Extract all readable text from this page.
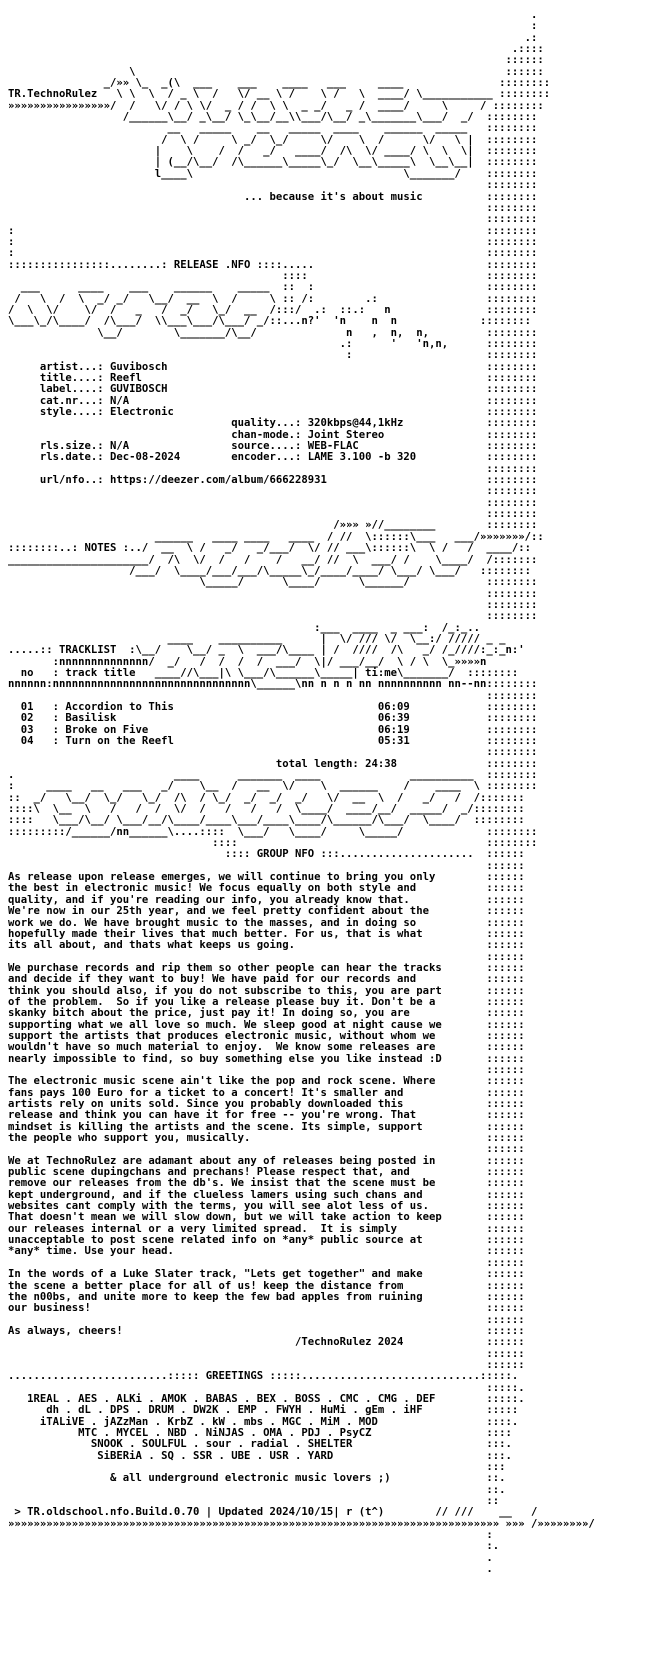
.
:
.:
.::::
::::::
\                                                          ::::::
_/»» \_  _(\  ___    ___    ____   ___     ____               ::::::::
TR.TechnoRulez   \ \  \  / _ \  /   \/ __ \ /    \ /   \  ____/ \___________ ::::::::
»»»»»»»»»»»»»»»»/  /   \/ / \ \/  _ / /  \ \  _ _/   _ /  ____/     \     / ::::::::
/______\__/ _\__/ \_\__/__\\___/\__/ _\_______\___/  _/  ::::::::
__   _____    __   _____  ____    ______  _____   ::::::::
/  \ /     \ _/  \_/     \/    \  /      \/   \ |  ::::::::
|    \    /  /   _/   ____/  /\  \/ ____/ \  \  \|  ::::::::
| (__/\__/  /\______\_____\_/  \__\_____\  \__\__|  ::::::::
l____\                                 \_______/    ::::::::
::::::::
... because it's about music          ::::::::
::::::::
::::::::
:                                                                          ::::::::
:                                                                          ::::::::
:                                                                          ::::::::
::::::::::::::::........: RELEASE .NFO ::::.....                           ::::::::
::::                            ::::::::
___      ____    ___    ______    _____  ::  :                           ::::::::
/   \  /  \  _/ _/   \__/  __  \  /     \ :: /:        .:                 ::::::::
/  \  \/    \/  /   _   /  _/   \_/  __  /:::/  .:  ::.:   n               ::::::::
\___\_/\____/  /\___/  \\___\___/\___/ _/::...n?'  'n    n  n             ::::::::
\__/        \_______/\__/              n   ,  n,  n,         ::::::::
.:      '   'n,n,      ::::::::
:                     ::::::::
artist...: Guvibosch                                                  ::::::::
title....: Reefl                                                      ::::::::
label....: GUVIBOSCH                                                  ::::::::
cat.nr...: N/A                                                        ::::::::
style....: Electronic                                                 ::::::::
quality...: 320kbps@44,1kHz             ::::::::
chan-mode.: Joint Stereo                ::::::::
rls.size.: N/A                source....: WEB-FLAC                    ::::::::
rls.date.: Dec-08-2024        encoder...: LAME 3.100 -b 320           ::::::::
::::::::
url/nfo..: https://deezer.com/album/666228931                         ::::::::
::::::::
::::::::
::::::::
/»»» »//________        ::::::::
______   ____ ____   ____  / //  \::::::\___   ___/»»»»»»»/::
::::::::..: NOTES :../  __  \ /   _/   _/___/  \/ // ___\::::::\  \ /   /  ____/::
______________________/  /\  \/  /   /    /   __/ //  \  ___/ /    \____/  /:::::::
/___/  \____/___/___/\_____\_/____/____/ \___/ \___/   ::::::::
\_____/      \____/      \______/            ::::::::
::::::::
::::::::
::::::::
:___  ____  _ ___:  /_:_..
____    __________      |  \/ /// \/  \__:/ ///// _ _
.....:: TRACKLIST  :\__/    \__/ _  \  ___/\____ | /  ////  /\   _/ /_////:_:_n:'
:nnnnnnnnnnnnnn/  _/   /  /  /  /  ___/  \|/ ___/__/  \ / \  \_»»»»n
no   : track title   ____//\___|\ \___/\______\_____| ti:me\_______/  ::::::::
nnnnnn:nnnnnnnnnnnnnnnnnnnnnnnnnnnnnnn\______\nn n n n nn nnnnnnnnnn nn--nn::::::::
::::::::
01   : Accordion to This                                06:09            ::::::::
02   : Basilisk                                         06:39            ::::::::
03   : Broke on Five                                    06:19            ::::::::
04   : Turn on the Reefl                                05:31            ::::::::
::::::::
total length: 24:38              ::::::::
.                         ____      _______  ____              __________  ::::::::
:     ____   __   ___   _/    \__  /   __  \/    \  ______    /    ____  \ ::::::::
::  _/   \__/  \_/   \_/  /\  / \_/  _/  _/  _/   \/  __  \  /   _/   /  /:::::::
::::\  \__  \   /   /  /  \/  /   /   /   /  \____/  ____/__/  _____/  _/::::::::
::::   \___/\__/ \___/__/\____/____\___/____\____/\______/\___/  \____/  ::::::::
:::::::::/______/nn______\....::::  \___/   \____/     \_____/             ::::::::
::::                                       ::::::::
:::: GROUP NFO :::.....................  ::::::
::::::
As release upon release emerges, we will continue to bring you only        ::::::
the best in electronic music! We focus equally on both style and           ::::::
quality, and if you're reading our info, you already know that.            ::::::
We're now in our 25th year, and we feel pretty confident about the         ::::::
work we do. We have brought music to the masses, and in doing so           ::::::
hopefully made their lives that much better. For us, that is what          ::::::
its all about, and thats what keeps us going.                              ::::::
::::::
We purchase records and rip them so other people can hear the tracks       ::::::
and decide if they want to buy! We have paid for our records and           ::::::
think you should also, if you do not subscribe to this, you are part       ::::::
of the problem.  So if you like a release please buy it. Don't be a        ::::::
skanky bitch about the price, just pay it! In doing so, you are            ::::::
supporting what we all love so much. We sleep good at night cause we       ::::::
support the artists that produces electronic music, without whom we        ::::::
wouldn't have so much material to enjoy.  We know some releases are        ::::::
nearly impossible to find, so buy something else you like instead :D       ::::::
::::::
The electronic music scene ain't like the pop and rock scene. Where        ::::::
fans pays 100 Euro for a ticket to a concert! It's smaller and             ::::::
artists rely on units sold. Since you probably downloaded this             ::::::
release and think you can have it for free -- you're wrong. That           ::::::
mindset is killing the artists and the scene. Its simple, support          ::::::
the people who support you, musically.                                     ::::::
::::::
We at TechnoRulez are adamant about any of releases being posted in        ::::::
public scene dupingchans and prechans! Please respect that, and            ::::::
remove our releases from the db's. We insist that the scene must be        ::::::
kept underground, and if the clueless lamers using such chans and          ::::::
websites cant comply with the terms, you will see alot less of us.         ::::::
That doesn't mean we will slow down, but we will take action to keep       ::::::
our releases internal or a very limited spread.  It is simply              ::::::
unacceptable to post scene related info on *any* public source at          ::::::
*any* time. Use your head.                                                 ::::::
::::::
In the words of a Luke Slater track, "Lets get together" and make          ::::::
the scene a better place for all of us! keep the distance from             ::::::
the n00bs, and unite more to keep the few bad apples from ruining          ::::::
our business!                                                              ::::::
::::::
As always, cheers!                                                         ::::::
/TechnoRulez 2024             ::::::
::::::
::::::
.........................::::: GREETINGS :::::............................:::::.
:::::.
1REAL . AES . ALKi . AMOK . BABAS . BEX . BOSS . CMC . CMG . DEF        :::::.
dh . dL . DPS . DRUM . DW2K . EMP . FWYH . HuMi . gEm . iHF          :::::
iTALiVE . jAZzMan . KrbZ . kW . mbs . MGC . MiM . MOD                 ::::.
MTC . MYCEL . NBD . NiNJAS . OMA . PDJ . PsyCZ                  ::::
SNOOK . SOULFUL . sour . radial . SHELTER                     :::.
SiBERiA . SQ . SSR . UBE . USR . YARD                        :::.
:::
& all underground electronic music lovers ;)               ::.
::.
::
> TR.oldschool.nfo.Build.0.70 | Updated 2024/10/15| r (t^)        // ///    __   /
»»»»»»»»»»»»»»»»»»»»»»»»»»»»»»»»»»»»»»»»»»»»»»»»»»»»»»»»»»»»»»»»»»»»»»»»»»»»» »»» /»»»»»»»»/
:
:.
.
.
